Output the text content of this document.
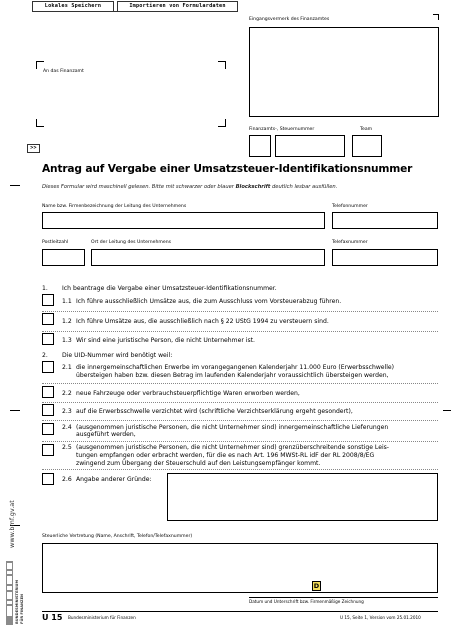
Lokales Speichern	Importieren von Formulardaten
Eingangsvermerk des Finanzamtes
An das Finanzamt
Finanzamts-, Steuernummer	Team
>>
Antrag auf Vergabe einer Umsatzsteuer-Identifikationsnummer
Dieses Formular wird maschinell gelesen. Bitte mit schwarzer oder blauer Blockschrift deutlich lesbar ausfüllen.
Name bzw. Firmenbezeichnung der Leitung des Unternehmens	Telefonnummer
Postleitzahl	Ort der Leitung des Unternehmens	Telefaxnummer
1. Ich beantrage die Vergabe einer Umsatzsteuer-Identifikationsnummer.
1.1 Ich führe ausschließlich Umsätze aus, die zum Ausschluss vom Vorsteuerabzug führen.
1.2 Ich führe Umsätze aus, die ausschließlich nach § 22 UStG 1994 zu versteuern sind.
1.3 Wir sind eine juristische Person, die nicht Unternehmer ist.
2. Die UID-Nummer wird benötigt weil:
2.1 die innergemeinschaftlichen Erwerbe im vorangegangenen Kalenderjahr 11.000 Euro (Erwerbsschwelle)
übersteigen haben bzw. diesen Betrag im laufenden Kalenderjahr voraussichtlich übersteigen werden,
2.2 neue Fahrzeuge oder verbrauchsteuerpflichtige Waren erworben werden,
2.3 auf die Erwerbsschwelle verzichtet wird (schriftliche Verzichtserklärung ergeht gesondert),
2.4 (ausgenommen juristische Personen, die nicht Unternehmer sind) innergemeinschaftliche Lieferungen
ausgeführt werden,
2.5 (ausgenommen juristische Personen, die nicht Unternehmer sind) grenzüberschreitende sonstige Leis-
tungen empfangen oder erbracht werden, für die es nach Art. 196 MWSt-RL idF der RL 2008/8/EG
zwingend zum Übergang der Steuerschuld auf den Leistungsempfänger kommt.
2.6 Angabe anderer Gründe:
Steuerliche Vertretung (Name, Anschrift, Telefon/Telefaxnummer)
D
Datum und Unterschrift bzw. Firmenmäßige Zeichnung
U 15 Bundesministerium für Finanzen	U 15, Seite 1, Version vom 25.01.2010
www.bmf.gv.at
BUNDESMINISTERIUM FÜR FINANZEN
